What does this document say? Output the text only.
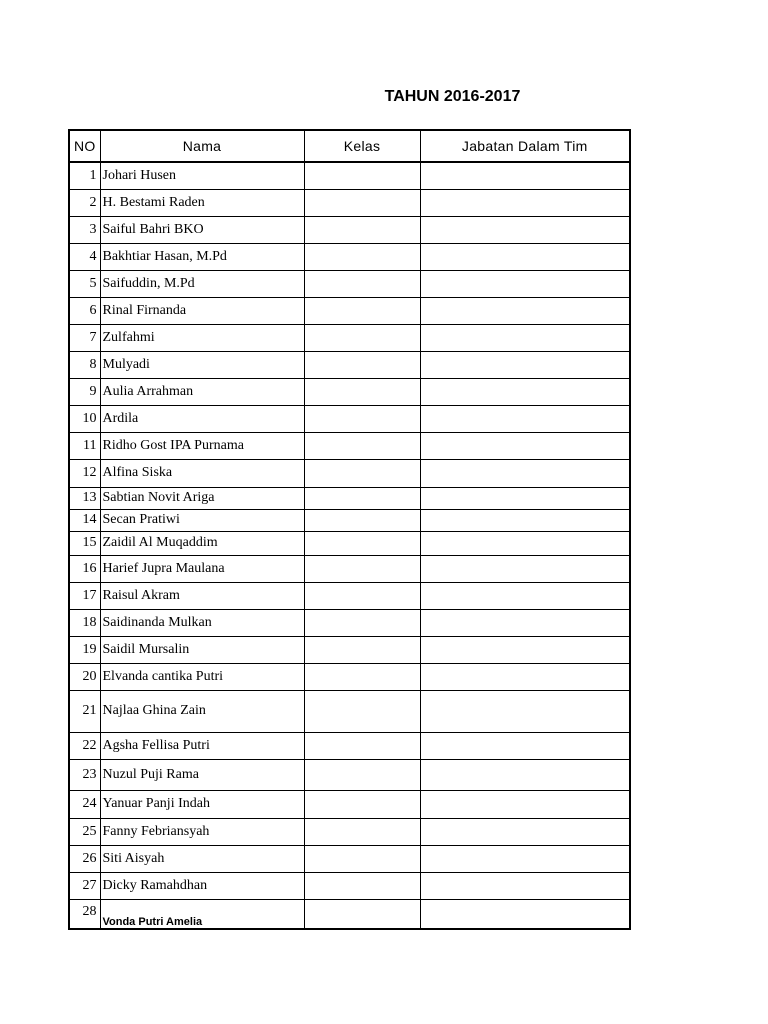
TAHUN 2016-2017
NO	Nama	Kelas	Jabatan Dalam Tim
1	Johari Husen		
2	H. Bestami Raden		
3	Saiful Bahri BKO		
4	Bakhtiar Hasan, M.Pd		
5	Saifuddin, M.Pd		
6	Rinal Firnanda		
7	Zulfahmi		
8	Mulyadi		
9	Aulia Arrahman		
10	Ardila		
11	Ridho Gost IPA Purnama		
12	Alfina Siska		
13	Sabtian Novit Ariga		
14	Secan Pratiwi		
15	Zaidil Al Muqaddim		
16	Harief Jupra Maulana		
17	Raisul Akram		
18	Saidinanda Mulkan		
19	Saidil Mursalin		
20	Elvanda cantika Putri		
21	Najlaa Ghina Zain		
22	Agsha Fellisa Putri		
23	Nuzul Puji Rama		
24	Yanuar Panji Indah		
25	Fanny Febriansyah		
26	Siti Aisyah		
27	Dicky Ramahdhan		
28	Vonda Putri Amelia		
